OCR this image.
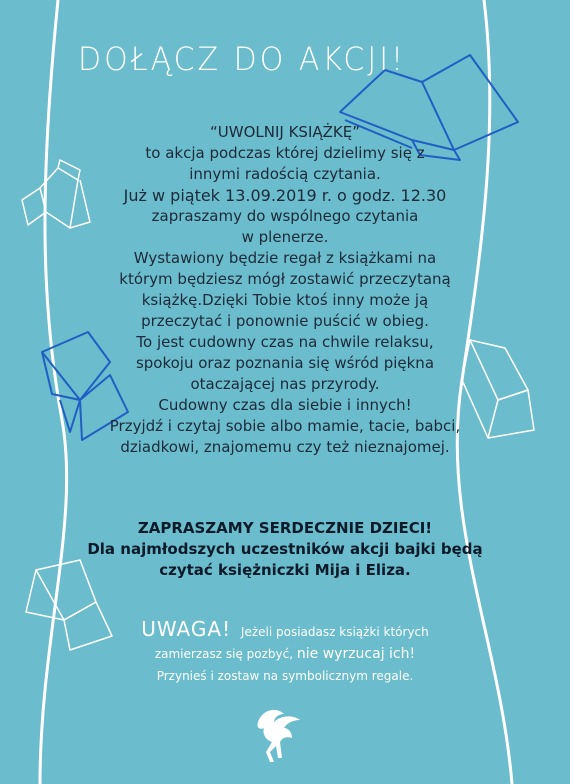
DOŁĄCZ DO AKCJI!
“UWOLNIJ KSIĄŻKĘ”
to akcja podczas której dzielimy się z
innymi radością czytania.
Już w piątek 13.09.2019 r. o godz. 12.30
zapraszamy do wspólnego czytania
w plenerze.
Wystawiony będzie regał z książkami na
którym będziesz mógł zostawić przeczytaną
książkę.Dzięki Tobie ktoś inny może ją
przeczytać i ponownie puścić w obieg.
To jest cudowny czas na chwile relaksu,
spokoju oraz poznania się wśród piękna
otaczającej nas przyrody.
Cudowny czas dla siebie i innych!
Przyjdź i czytaj sobie albo mamie, tacie, babci,
dziadkowi, znajomemu czy też nieznajomej.
ZAPRASZAMY SERDECZNIE DZIECI!
Dla najmłodszych uczestników akcji bajki będą
czytać księżniczki Mija i Eliza.
UWAGA! Jeżeli posiadasz książki których
zamierzasz się pozbyć, nie wyrzucaj ich!
Przynieś i zostaw na symbolicznym regale.
